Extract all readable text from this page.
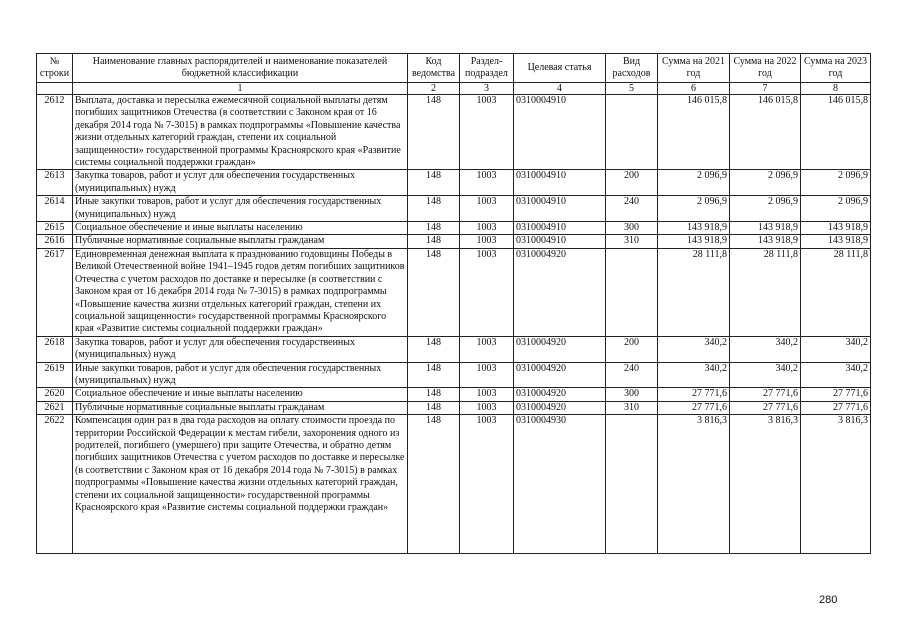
№ строки	Наименование главных распорядителей и наименование показателей бюджетной классификации	Код ведомства	Раздел-подраздел	Целевая статья	Вид расходов	Сумма на 2021 год	Сумма на 2022 год	Сумма на 2023 год
	1	2	3	4	5	6	7	8
2612	Выплата, доставка и пересылка ежемесячной социальной выплаты детям погибших защитников Отечества (в соответствии с Законом края от 16 декабря 2014 года № 7-3015) в рамках подпрограммы «Повышение качества жизни отдельных категорий граждан, степени их социальной защищенности» государственной программы Красноярского края «Развитие системы социальной поддержки граждан»	148	1003	0310004910		146 015,8	146 015,8	146 015,8
2613	Закупка товаров, работ и услуг для обеспечения государственных (муниципальных) нужд	148	1003	0310004910	200	2 096,9	2 096,9	2 096,9
2614	Иные закупки товаров, работ и услуг для обеспечения государственных (муниципальных) нужд	148	1003	0310004910	240	2 096,9	2 096,9	2 096,9
2615	Социальное обеспечение и иные выплаты населению	148	1003	0310004910	300	143 918,9	143 918,9	143 918,9
2616	Публичные нормативные социальные выплаты гражданам	148	1003	0310004910	310	143 918,9	143 918,9	143 918,9
2617	Единовременная денежная выплата к празднованию годовщины Победы в Великой Отечественной войне 1941–1945 годов детям погибших защитников Отечества с учетом расходов по доставке и пересылке (в соответствии с Законом края от 16 декабря 2014 года № 7-3015) в рамках подпрограммы «Повышение качества жизни отдельных категорий граждан, степени их социальной защищенности» государственной программы Красноярского края «Развитие системы социальной поддержки граждан»	148	1003	0310004920		28 111,8	28 111,8	28 111,8
2618	Закупка товаров, работ и услуг для обеспечения государственных (муниципальных) нужд	148	1003	0310004920	200	340,2	340,2	340,2
2619	Иные закупки товаров, работ и услуг для обеспечения государственных (муниципальных) нужд	148	1003	0310004920	240	340,2	340,2	340,2
2620	Социальное обеспечение и иные выплаты населению	148	1003	0310004920	300	27 771,6	27 771,6	27 771,6
2621	Публичные нормативные социальные выплаты гражданам	148	1003	0310004920	310	27 771,6	27 771,6	27 771,6
2622	Компенсация один раз в два года расходов на оплату стоимости проезда по территории Российской Федерации к местам гибели, захоронения одного из родителей, погибшего (умершего) при защите Отечества, и обратно детям погибших защитников Отечества с учетом расходов по доставке и пересылке (в соответствии с Законом края от 16 декабря 2014 года № 7-3015) в рамках подпрограммы «Повышение качества жизни отдельных категорий граждан, степени их социальной защищенности» государственной программы Красноярского края «Развитие системы социальной поддержки граждан»	148	1003	0310004930		3 816,3	3 816,3	3 816,3
280
